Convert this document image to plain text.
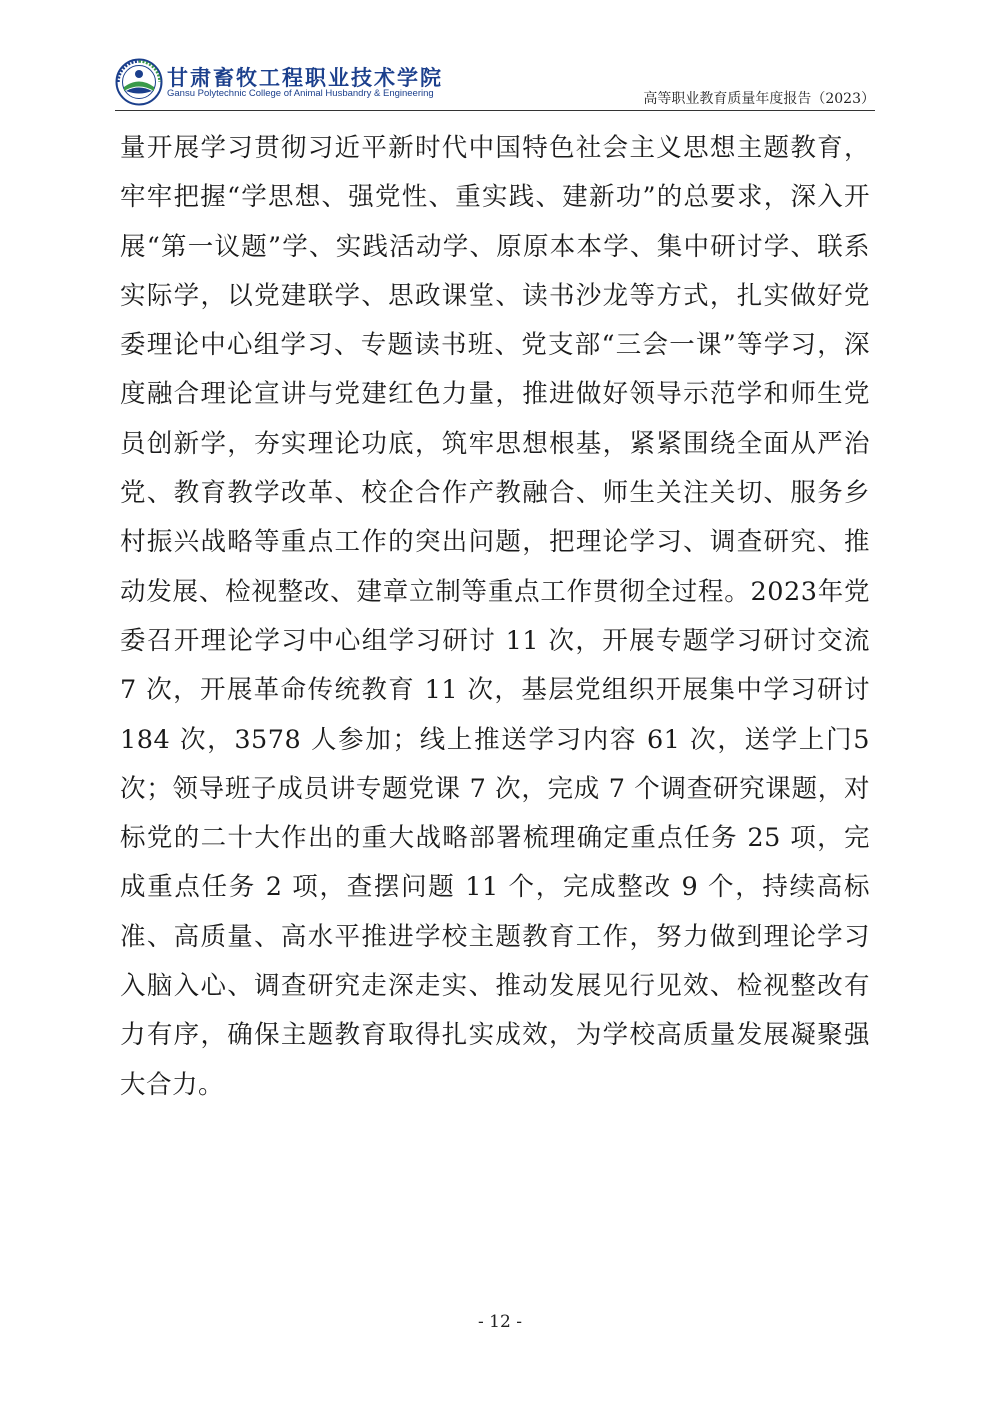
甘肃畜牧工程职业技术学院
Gansu Polytechnic College of Animal Husbandry & Engineering	高等职业教育质量年度报告（2023）

量开展学习贯彻习近平新时代中国特色社会主义思想主题教育，牢牢把握“学思想、强党性、重实践、建新功”的总要求，深入开展“第一议题”学、实践活动学、原原本本学、集中研讨学、联系实际学，以党建联学、思政课堂、读书沙龙等方式，扎实做好党委理论中心组学习、专题读书班、党支部“三会一课”等学习，深度融合理论宣讲与党建红色力量，推进做好领导示范学和师生党员创新学，夯实理论功底，筑牢思想根基，紧紧围绕全面从严治党、教育教学改革、校企合作产教融合、师生关注关切、服务乡村振兴战略等重点工作的突出问题，把理论学习、调查研究、推动发展、检视整改、建章立制等重点工作贯彻全过程。2023年党委召开理论学习中心组学习研讨 11 次，开展专题学习研讨交流 7 次，开展革命传统教育 11 次，基层党组织开展集中学习研讨 184 次，3578 人参加；线上推送学习内容 61 次，送学上门5 次；领导班子成员讲专题党课 7 次，完成 7 个调查研究课题，对标党的二十大作出的重大战略部署梳理确定重点任务 25 项，完成重点任务 2 项，查摆问题 11 个，完成整改 9 个，持续高标准、高质量、高水平推进学校主题教育工作，努力做到理论学习入脑入心、调查研究走深走实、推动发展见行见效、检视整改有力有序，确保主题教育取得扎实成效，为学校高质量发展凝聚强大合力。

- 12 -
